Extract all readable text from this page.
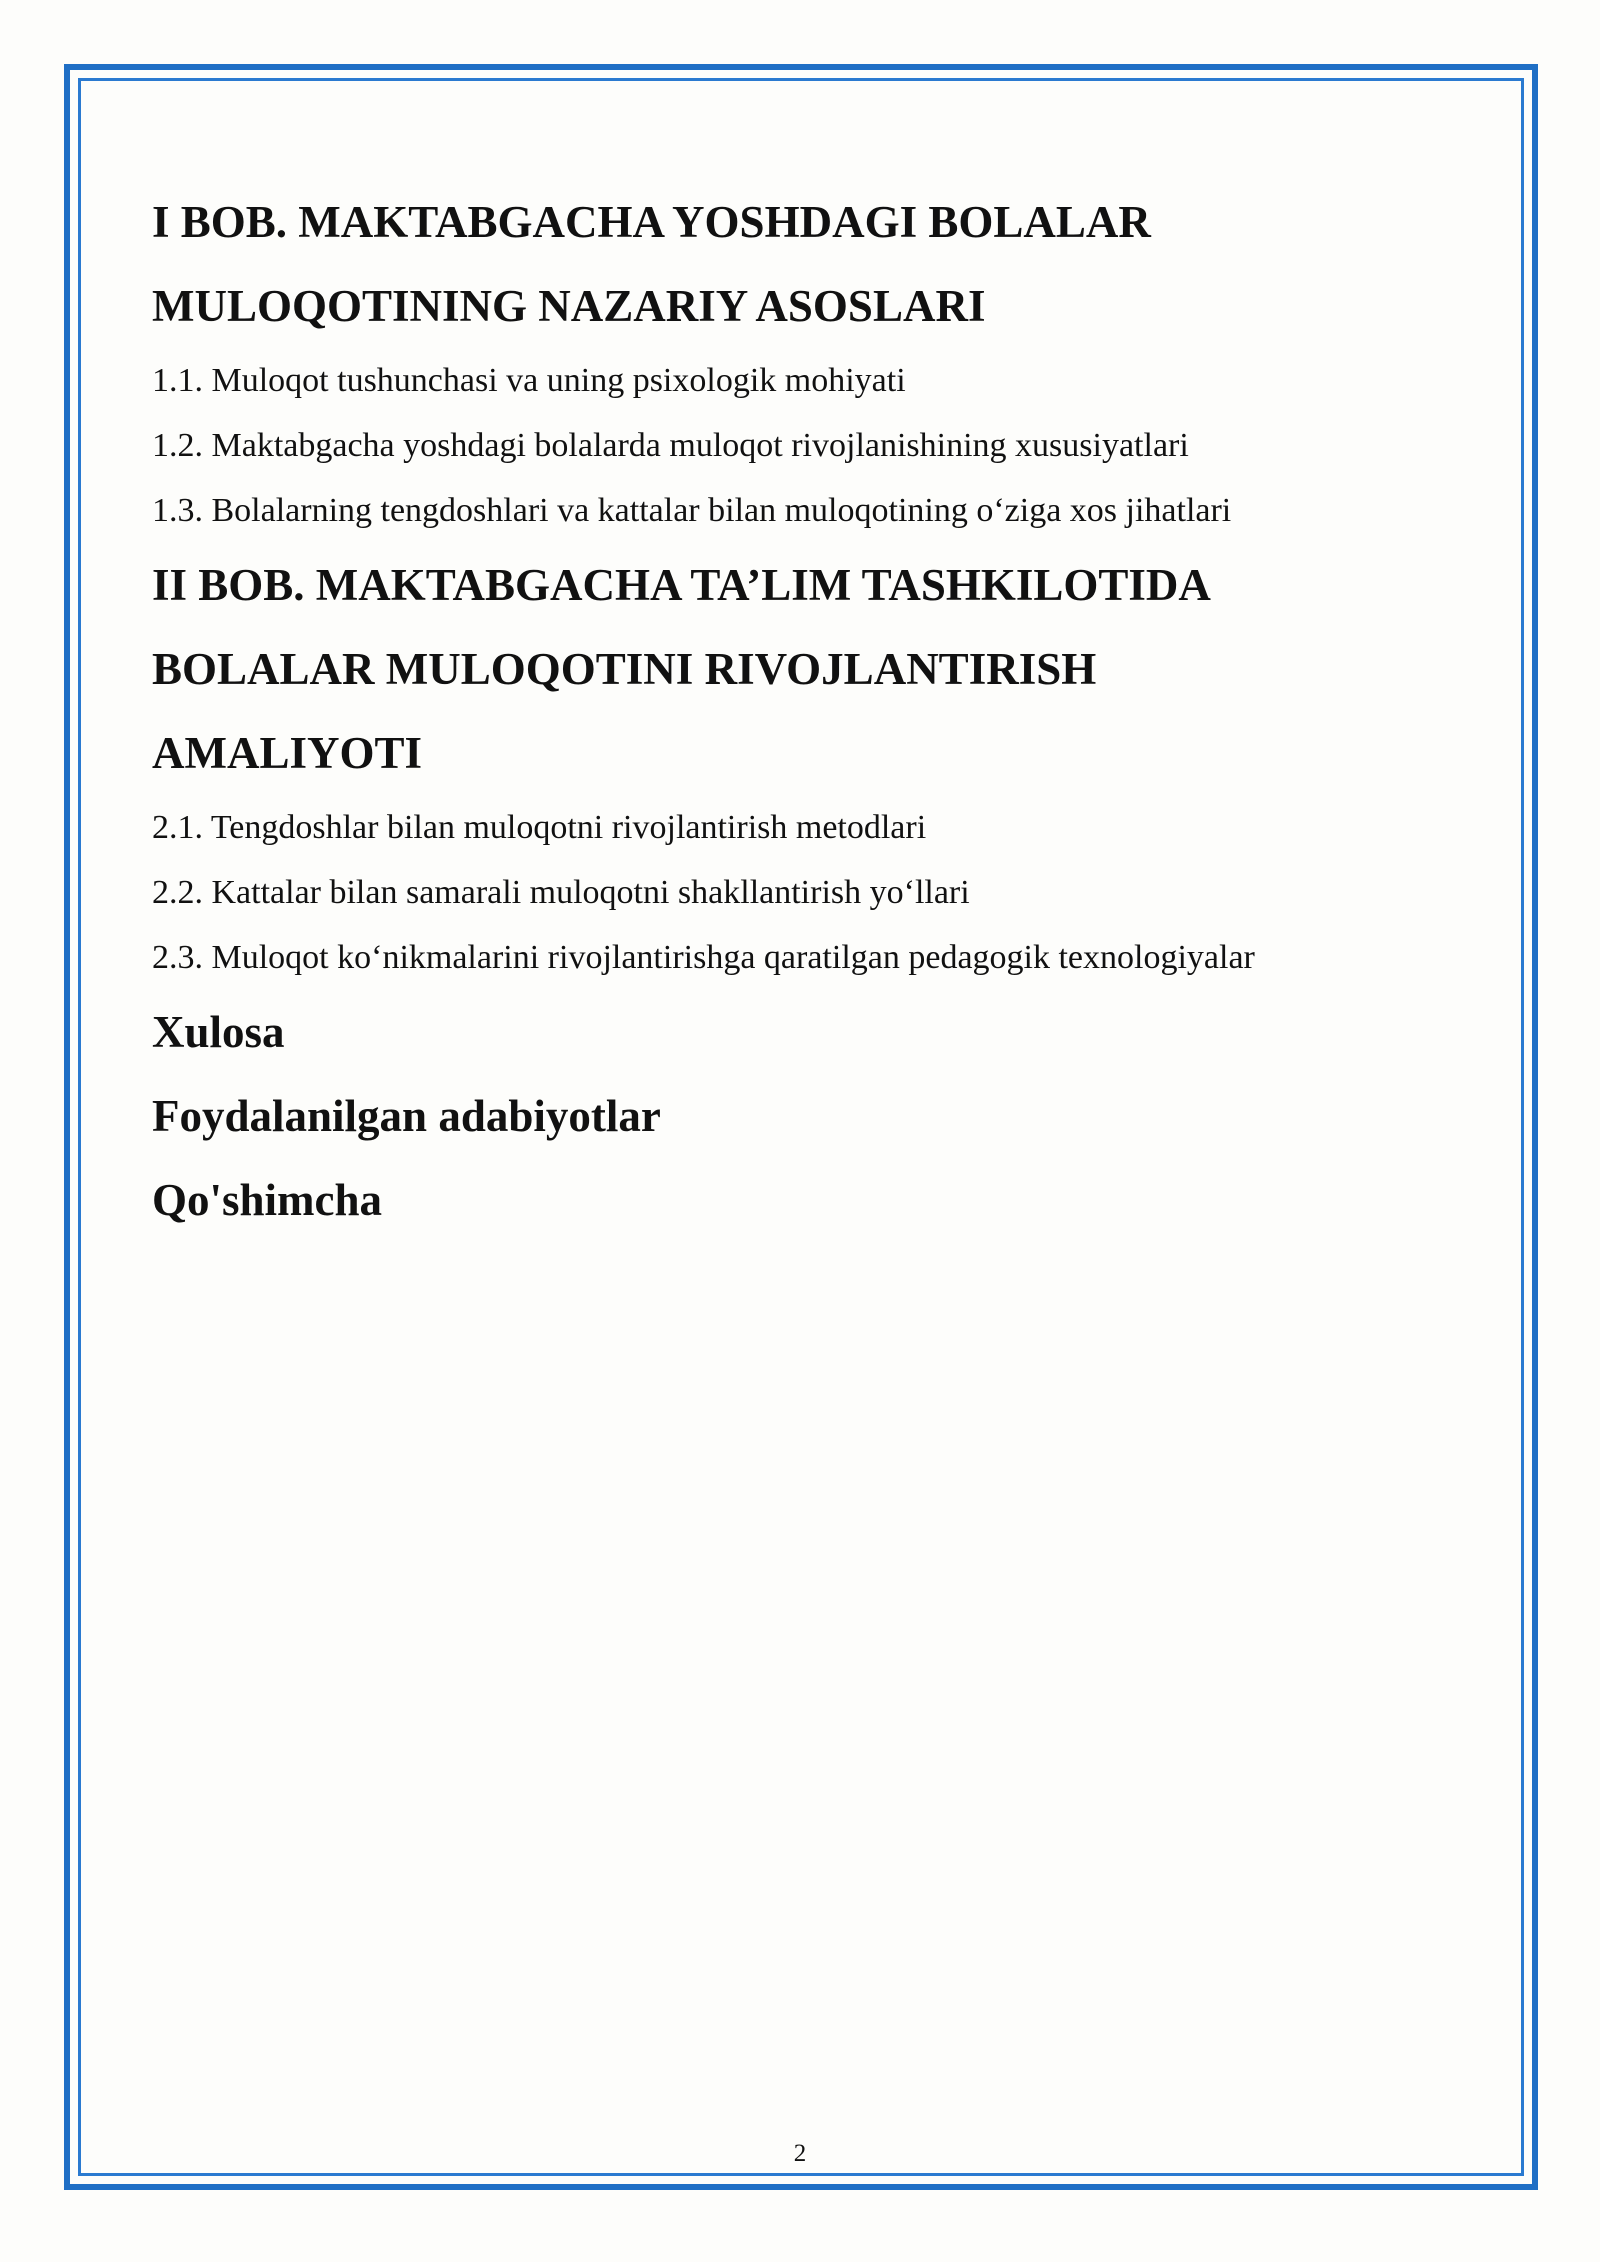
I BOB. MAKTABGACHA YOSHDAGI BOLALAR

MULOQOTINING NAZARIY ASOSLARI

1.1. Muloqot tushunchasi va uning psixologik mohiyati

1.2. Maktabgacha yoshdagi bolalarda muloqot rivojlanishining xususiyatlari

1.3. Bolalarning tengdoshlari va kattalar bilan muloqotining o‘ziga xos jihatlari

II BOB. MAKTABGACHA TA’LIM TASHKILOTIDA

BOLALAR MULOQOTINI RIVOJLANTIRISH

AMALIYOTI

2.1. Tengdoshlar bilan muloqotni rivojlantirish metodlari

2.2. Kattalar bilan samarali muloqotni shakllantirish yo‘llari

2.3. Muloqot ko‘nikmalarini rivojlantirishga qaratilgan pedagogik texnologiyalar

Xulosa

Foydalanilgan adabiyotlar

Qo'shimcha

2
